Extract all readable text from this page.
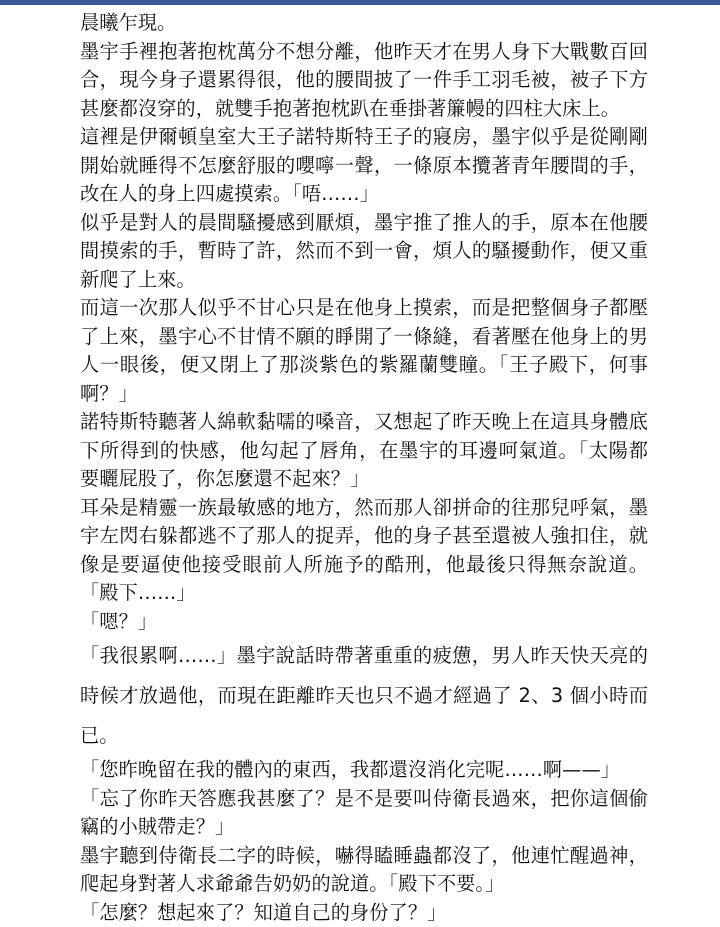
晨曦乍現。

墨宇手裡抱著抱枕萬分不想分離，他昨天才在男人身下大戰數百回合，現今身子還累得很，他的腰間披了一件手工羽毛被，被子下方甚麼都沒穿的，就雙手抱著抱枕趴在垂掛著簾幔的四柱大床上。

這裡是伊爾頓皇室大王子諾特斯特王子的寢房，墨宇似乎是從剛剛開始就睡得不怎麼舒服的嚶嚀一聲，一條原本攬著青年腰間的手，改在人的身上四處摸索。「唔……」

似乎是對人的晨間騷擾感到厭煩，墨宇推了推人的手，原本在他腰間摸索的手，暫時了許，然而不到一會，煩人的騷擾動作，便又重新爬了上來。

而這一次那人似乎不甘心只是在他身上摸索，而是把整個身子都壓了上來，墨宇心不甘情不願的睜開了一條縫，看著壓在他身上的男人一眼後，便又閉上了那淡紫色的紫羅蘭雙瞳。「王子殿下，何事啊？」

諾特斯特聽著人綿軟黏嚅的嗓音，又想起了昨天晚上在這具身體底下所得到的快感，他勾起了唇角，在墨宇的耳邊呵氣道。「太陽都要曬屁股了，你怎麼還不起來？」

耳朵是精靈一族最敏感的地方，然而那人卻拼命的往那兒呼氣，墨宇左閃右躲都逃不了那人的捉弄，他的身子甚至還被人強扣住，就像是要逼使他接受眼前人所施予的酷刑，他最後只得無奈說道。「殿下……」

「嗯？」

「我很累啊……」墨宇說話時帶著重重的疲憊，男人昨天快天亮的時候才放過他，而現在距離昨天也只不過才經過了 2、3 個小時而已。

「您昨晚留在我的體內的東西，我都還沒消化完呢……啊——」

「忘了你昨天答應我甚麼了？是不是要叫侍衛長過來，把你這個偷竊的小賊帶走？」

墨宇聽到侍衛長二字的時候，嚇得瞌睡蟲都沒了，他連忙醒過神，爬起身對著人求爺爺告奶奶的說道。「殿下不要。」

「怎麼？想起來了？知道自己的身份了？」
